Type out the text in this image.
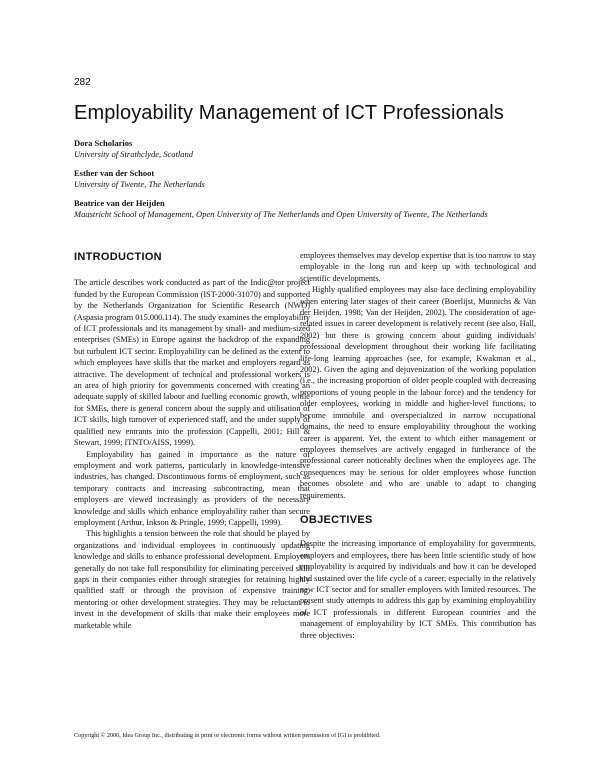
282
Employability Management of ICT Professionals
Dora Scholarios
University of Strathclyde, Scotland
Esther van der Schoot
University of Twente, The Netherlands
Beatrice van der Heijden
Maastricht School of Management, Open University of The Netherlands and Open University of Twente, The Netherlands
INTRODUCTION

The article describes work conducted as part of the Indic@tor project funded by the European Commission (IST-2000-31070) and supported by the Netherlands Organization for Scientific Research (NWO) (Aspasia program 015.000.114). The study examines the employability of ICT professionals and its management by small- and medium-sized enterprises (SMEs) in Europe against the backdrop of the expanding but turbulent ICT sector. Employability can be defined as the extent to which employees have skills that the market and employers regard as attractive. The development of technical and professional workers is an area of high priority for governments concerned with creating an adequate supply of skilled labour and fuelling economic growth, while for SMEs, there is general concern about the supply and utilisation of ICT skills, high turnover of experienced staff, and the under supply of qualified new entrants into the profession (Cappelli, 2001; Hill & Stewart, 1999; ITNTO/AISS, 1999).

Employability has gained in importance as the nature of employment and work patterns, particularly in knowledge-intensive industries, has changed. Discontinuous forms of employment, such as temporary contracts and increasing subcontracting, mean that employers are viewed increasingly as providers of the necessary knowledge and skills which enhance employability rather than secure employment (Arthur, Inkson & Pringle, 1999; Cappelli, 1999).

This highlights a tension between the role that should be played by organizations and individual employees in continuously updating knowledge and skills to enhance professional development. Employers generally do not take full responsibility for eliminating perceived skill gaps in their companies either through strategies for retaining highly qualified staff or through the provision of expensive training, mentoring or other development strategies. They may be reluctant to invest in the development of skills that make their employees more marketable while

employees themselves may develop expertise that is too narrow to stay employable in the long run and keep up with technological and scientific developments.

Highly qualified employees may also face declining employability when entering later stages of their career (Boerlijst, Munnichs & Van der Heijden, 1998; Van der Heijden, 2002). The consideration of age-related issues in career development is relatively recent (see also, Hall, 2002) but there is growing concern about guiding individuals' professional development throughout their working life facilitating life-long learning approaches (see, for example, Kwakman et al., 2002). Given the aging and dejuvenization of the working population (i.e., the increasing proportion of older people coupled with decreasing proportions of young people in the labour force) and the tendency for older employees, working in middle and higher-level functions, to become immobile and overspecialized in narrow occupational domains, the need to ensure employability throughout the working career is apparent. Yet, the extent to which either management or employees themselves are actively engaged in furtherance of the professional career noticeably declines when the employees age. The consequences may be serious for older employees whose function becomes obsolete and who are unable to adapt to changing requirements.

OBJECTIVES

Despite the increasing importance of employability for governments, employers and employees, there has been little scientific study of how employability is acquired by individuals and how it can be developed and sustained over the life cycle of a career, especially in the relatively new ICT sector and for smaller employers with limited resources. The present study attempts to address this gap by examining employability of ICT professionals in different European countries and the management of employability by ICT SMEs. This contribution has three objectives:

Copyright © 2006, Idea Group Inc., distributing in print or electronic forms without written permission of IGI is prohibited.
